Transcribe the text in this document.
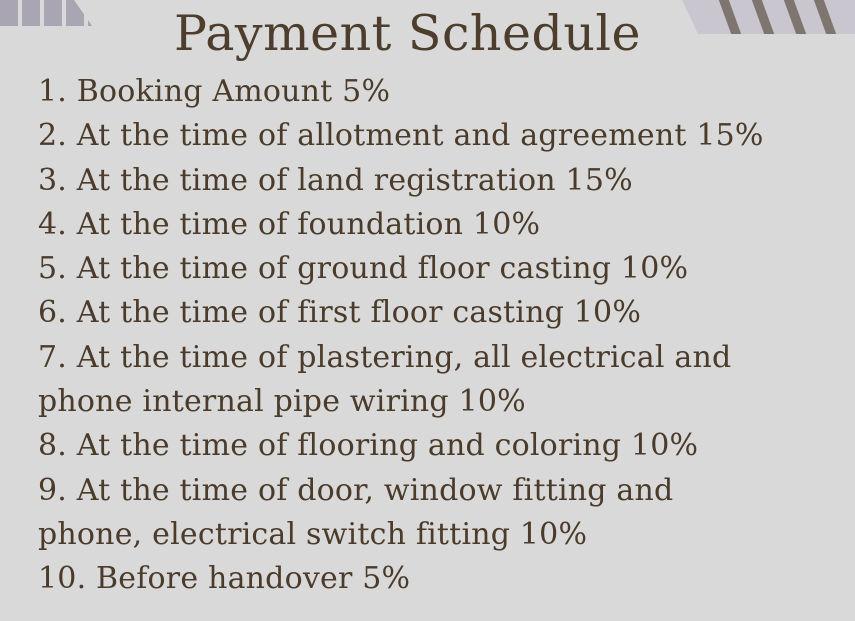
Payment Schedule
1. Booking Amount 5%
2. At the time of allotment and agreement 15%
3. At the time of land registration 15%
4. At the time of foundation 10%
5. At the time of ground floor casting 10%
6. At the time of first floor casting 10%
7. At the time of plastering, all electrical and
phone internal pipe wiring 10%
8. At the time of flooring and coloring 10%
9. At the time of door, window fitting and
phone, electrical switch fitting 10%
10. Before handover 5%
